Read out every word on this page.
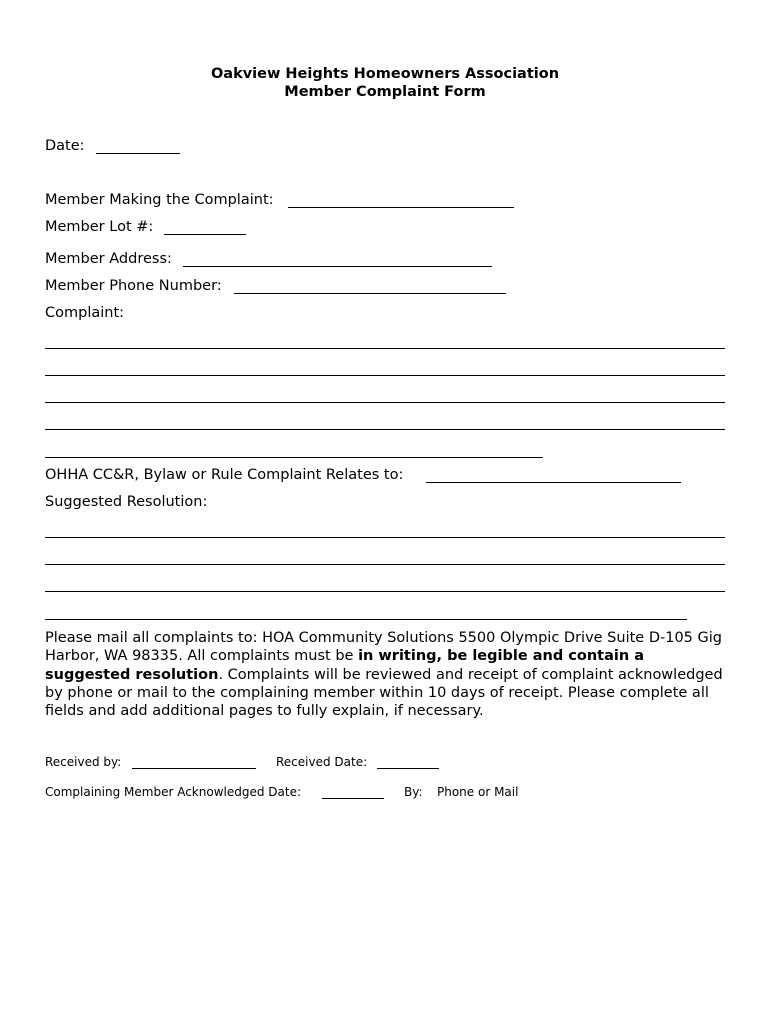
Oakview Heights Homeowners Association
Member Complaint Form
Date:
Member Making the Complaint:
Member Lot #:
Member Address:
Member Phone Number:
Complaint:
OHHA CC&R, Bylaw or Rule Complaint Relates to:
Suggested Resolution:
Please mail all complaints to: HOA Community Solutions 5500 Olympic Drive Suite D-105 Gig Harbor, WA 98335. All complaints must be in writing, be legible and contain a suggested resolution. Complaints will be reviewed and receipt of complaint acknowledged by phone or mail to the complaining member within 10 days of receipt. Please complete all fields and add additional pages to fully explain, if necessary.
Received by:	Received Date:
Complaining Member Acknowledged Date:	By: Phone or Mail
